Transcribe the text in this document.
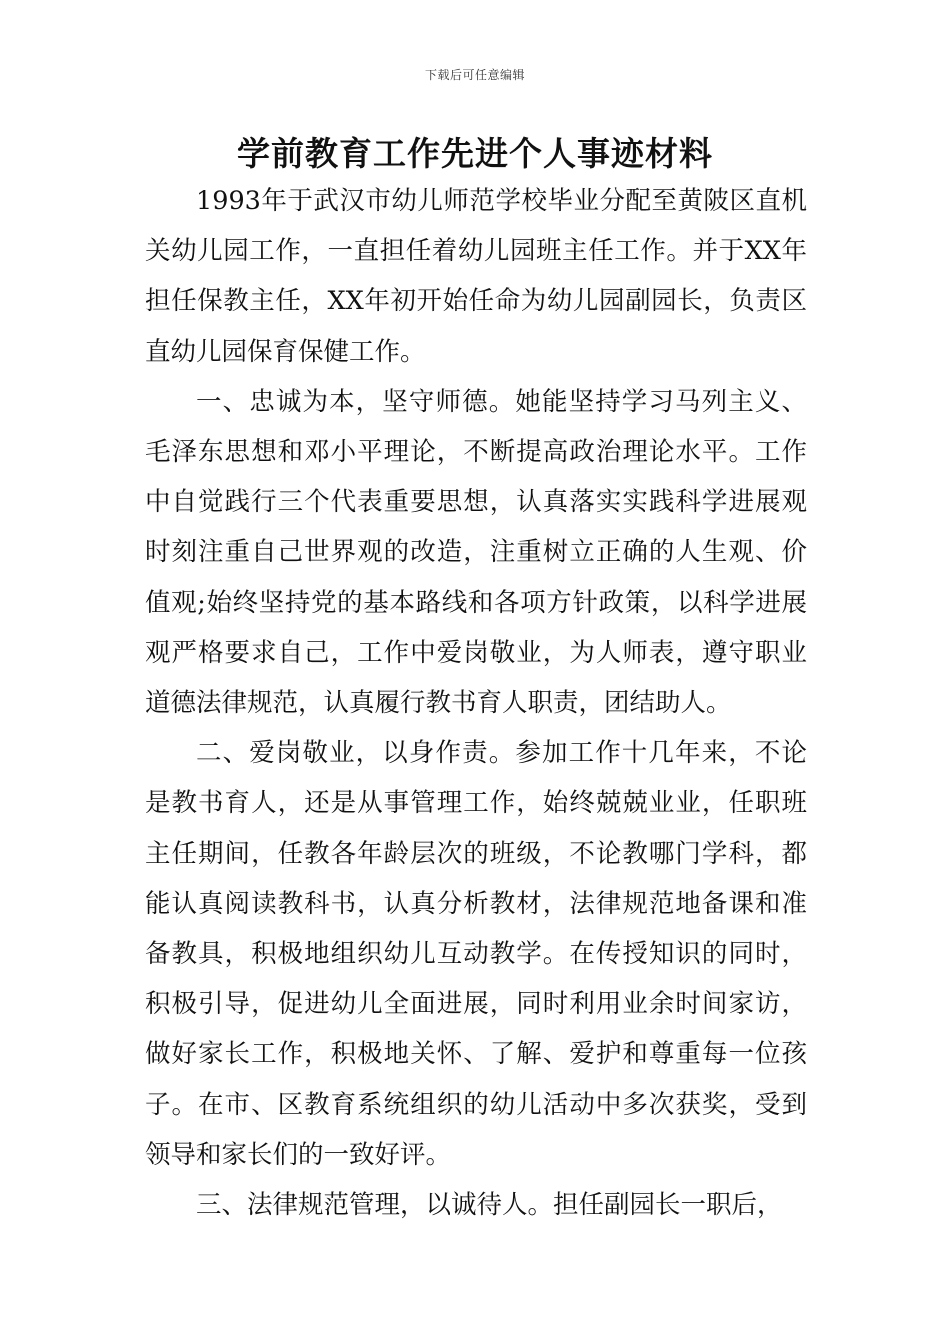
下载后可任意编辑
学前教育工作先进个人事迹材料

1993年于武汉市幼儿师范学校毕业分配至黄陂区直机关幼儿园工作，一直担任着幼儿园班主任工作。并于XX年担任保教主任，XX年初开始任命为幼儿园副园长，负责区直幼儿园保育保健工作。

一、忠诚为本，坚守师德。她能坚持学习马列主义、毛泽东思想和邓小平理论，不断提高政治理论水平。工作中自觉践行三个代表重要思想，认真落实实践科学进展观时刻注重自己世界观的改造，注重树立正确的人生观、价值观;始终坚持党的基本路线和各项方针政策，以科学进展观严格要求自己，工作中爱岗敬业，为人师表，遵守职业道德法律规范，认真履行教书育人职责，团结助人。

二、爱岗敬业，以身作责。参加工作十几年来，不论是教书育人，还是从事管理工作，始终兢兢业业，任职班主任期间，任教各年龄层次的班级，不论教哪门学科，都能认真阅读教科书，认真分析教材，法律规范地备课和准备教具，积极地组织幼儿互动教学。在传授知识的同时，积极引导，促进幼儿全面进展，同时利用业余时间家访，做好家长工作，积极地关怀、了解、爱护和尊重每一位孩子。在市、区教育系统组织的幼儿活动中多次获奖，受到领导和家长们的一致好评。

三、法律规范管理，以诚待人。担任副园长一职后，
